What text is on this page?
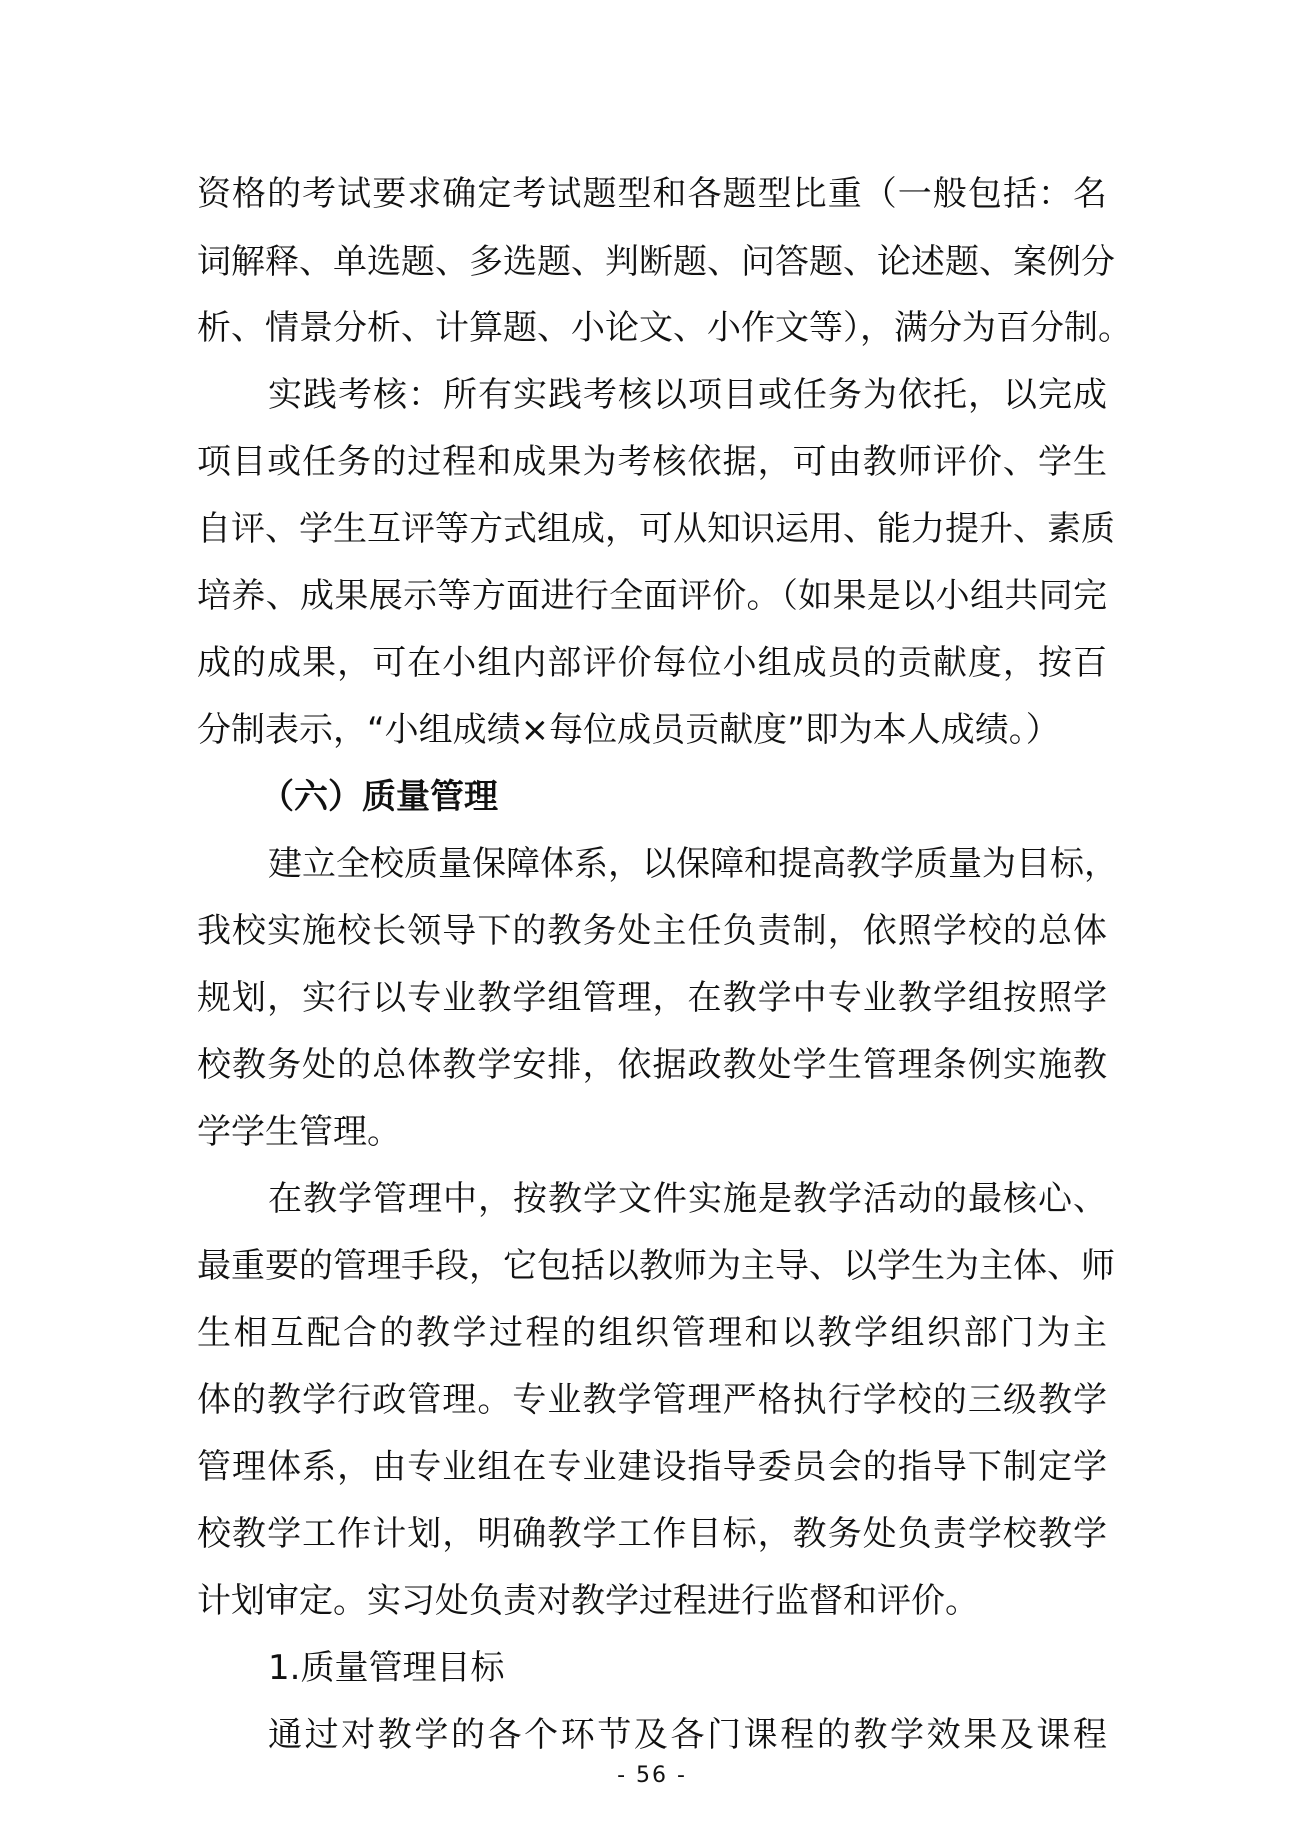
资格的考试要求确定考试题型和各题型比重（一般包括：名
词解释、单选题、多选题、判断题、问答题、论述题、案例分
析、情景分析、计算题、小论文、小作文等），满分为百分制。
实践考核：所有实践考核以项目或任务为依托，以完成
项目或任务的过程和成果为考核依据，可由教师评价、学生
自评、学生互评等方式组成，可从知识运用、能力提升、素质
培养、成果展示等方面进行全面评价。（如果是以小组共同完
成的成果，可在小组内部评价每位小组成员的贡献度，按百
分制表示，“小组成绩×每位成员贡献度”即为本人成绩。）
（六）质量管理
建立全校质量保障体系，以保障和提高教学质量为目标，
我校实施校长领导下的教务处主任负责制，依照学校的总体
规划，实行以专业教学组管理，在教学中专业教学组按照学
校教务处的总体教学安排，依据政教处学生管理条例实施教
学学生管理。
在教学管理中，按教学文件实施是教学活动的最核心、
最重要的管理手段，它包括以教师为主导、以学生为主体、师
生相互配合的教学过程的组织管理和以教学组织部门为主
体的教学行政管理。专业教学管理严格执行学校的三级教学
管理体系，由专业组在专业建设指导委员会的指导下制定学
校教学工作计划，明确教学工作目标，教务处负责学校教学
计划审定。实习处负责对教学过程进行监督和评价。
1.质量管理目标
通过对教学的各个环节及各门课程的教学效果及课程
- 56 -
